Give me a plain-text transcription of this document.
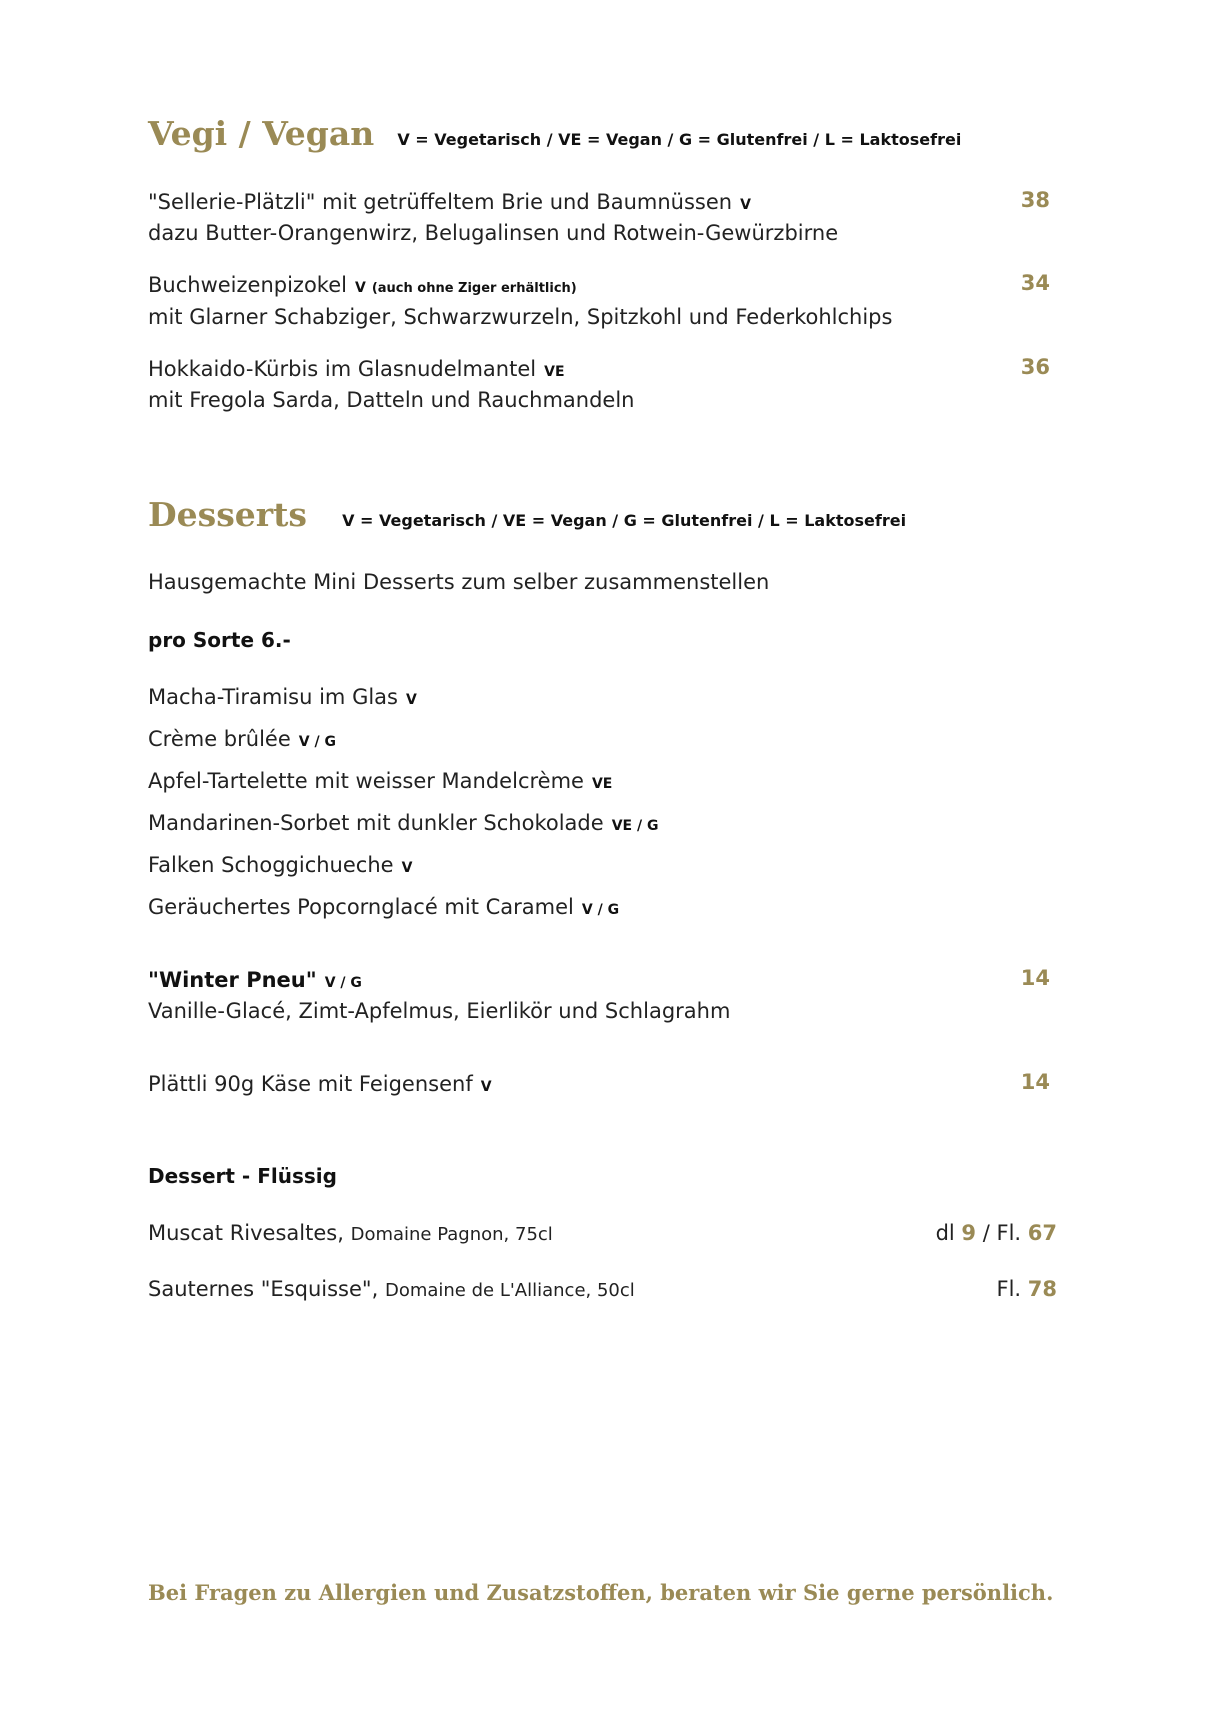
Vegi / Vegan V = Vegetarisch / VE = Vegan / G = Glutenfrei / L = Laktosefrei
"Sellerie-Plätzli" mit getrüffeltem Brie und Baumnüssen V
dazu Butter-Orangenwirz, Belugalinsen und Rotwein-Gewürzbirne
38
Buchweizenpizokel V (auch ohne Ziger erhältlich)
mit Glarner Schabziger, Schwarzwurzeln, Spitzkohl und Federkohlchips
34
Hokkaido-Kürbis im Glasnudelmantel VE
mit Fregola Sarda, Datteln und Rauchmandeln
36
Desserts V = Vegetarisch / VE = Vegan / G = Glutenfrei / L = Laktosefrei
Hausgemachte Mini Desserts zum selber zusammenstellen
pro Sorte 6.-
Macha-Tiramisu im Glas V
Crème brûlée V / G
Apfel-Tartelette mit weisser Mandelcrème VE
Mandarinen-Sorbet mit dunkler Schokolade VE / G
Falken Schoggichueche V
Geräuchertes Popcornglacé mit Caramel V / G
"Winter Pneu" V / G
Vanille-Glacé, Zimt-Apfelmus, Eierlikör und Schlagrahm
14
Plättli 90g Käse mit Feigensenf V	14
Dessert - Flüssig
Muscat Rivesaltes, Domaine Pagnon, 75cl	dl 9 / Fl. 67
Sauternes "Esquisse", Domaine de L'Alliance, 50cl	Fl. 78
Bei Fragen zu Allergien und Zusatzstoffen, beraten wir Sie gerne persönlich.
